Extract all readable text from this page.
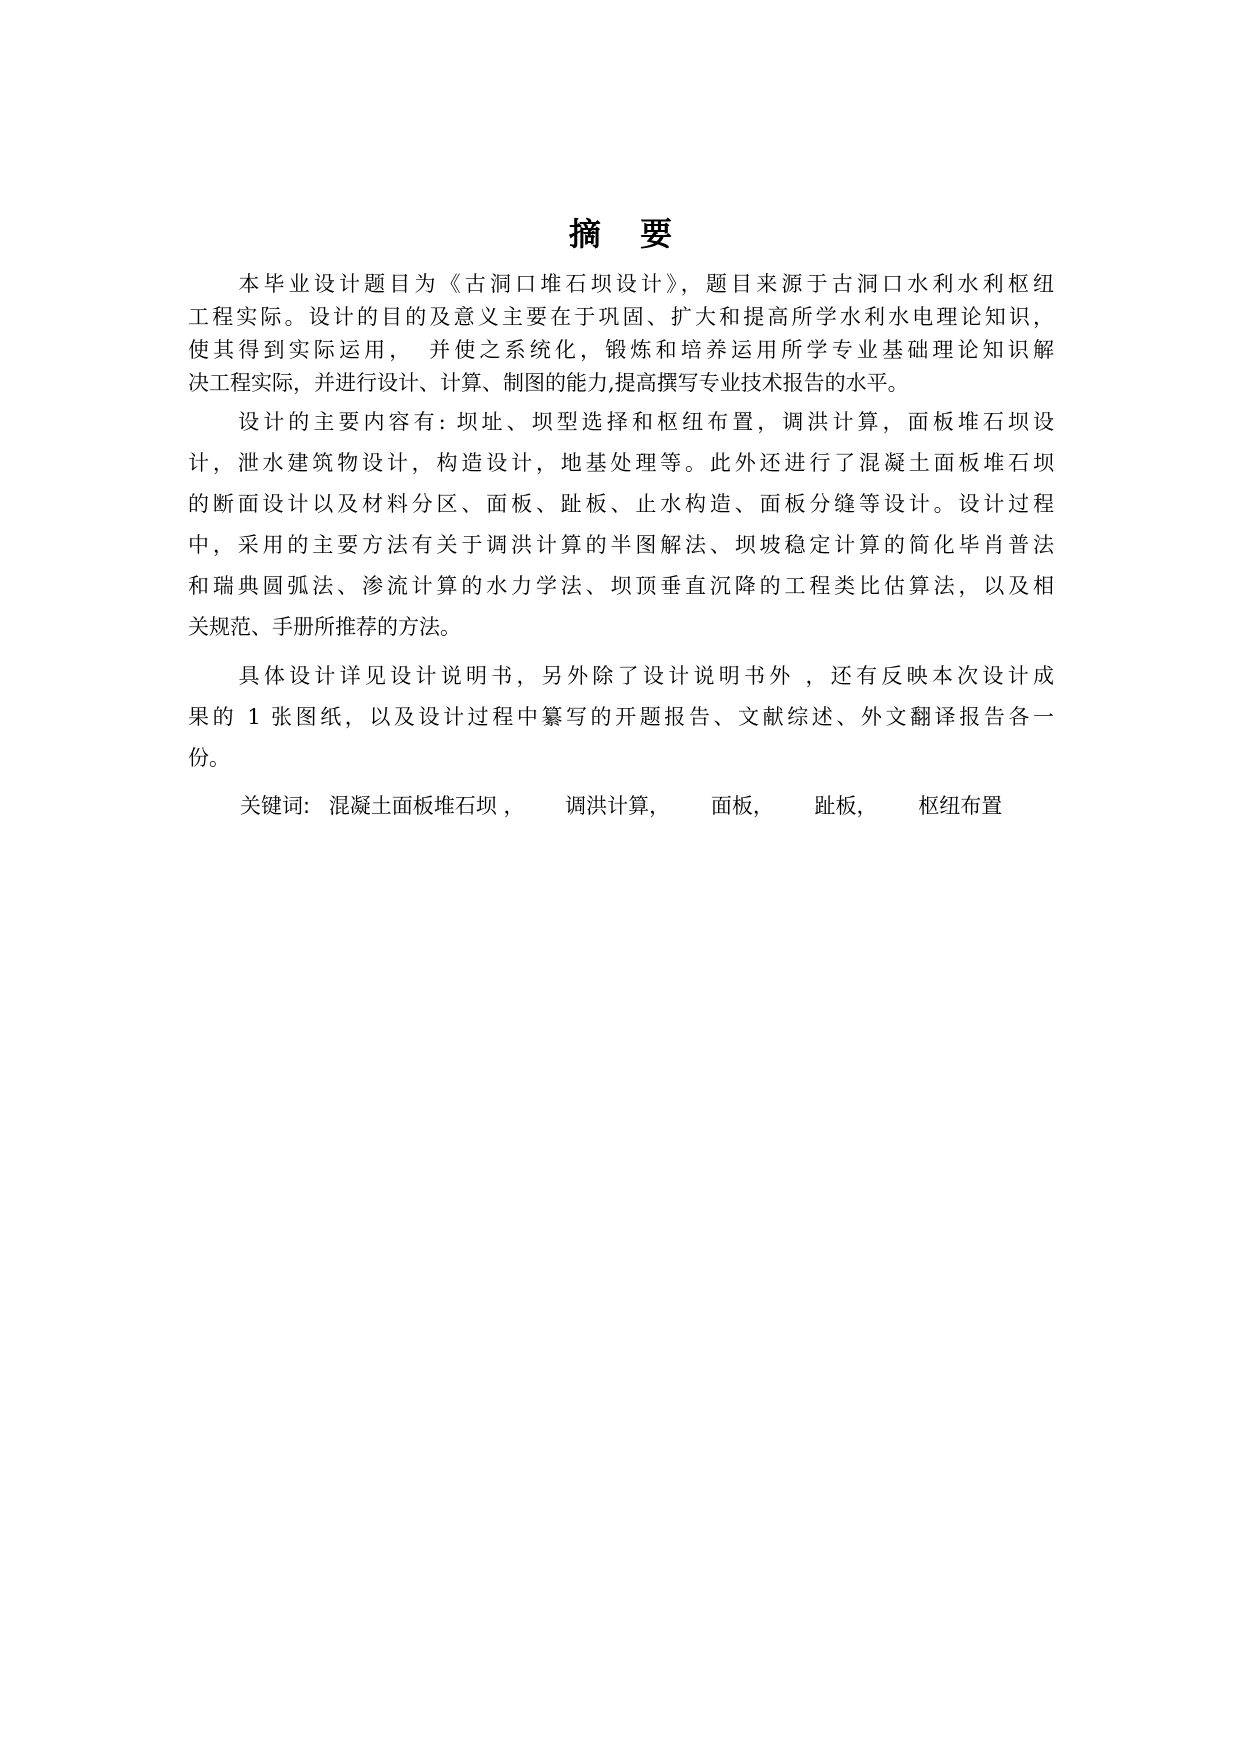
摘 要
　　本毕业设计题目为《古洞口堆石坝设计》，题目来源于古洞口水利水利枢纽
工程实际。设计的目的及意义主要在于巩固、扩大和提高所学水利水电理论知识，
使其得到实际运用，　并使之系统化，锻炼和培养运用所学专业基础理论知识解
决工程实际，并进行设计、计算、制图的能力,提高撰写专业技术报告的水平。
　　设计的主要内容有: 坝址、坝型选择和枢纽布置，调洪计算，面板堆石坝设
计，泄水建筑物设计，构造设计，地基处理等。此外还进行了混凝土面板堆石坝
的断面设计以及材料分区、面板、趾板、止水构造、面板分缝等设计。设计过程
中，采用的主要方法有关于调洪计算的半图解法、坝坡稳定计算的简化毕肖普法
和瑞典圆弧法、渗流计算的水力学法、坝顶垂直沉降的工程类比估算法，以及相
关规范、手册所推荐的方法。
　　具体设计详见设计说明书，另外除了设计说明书外 ，还有反映本次设计成
果的 1 张图纸，以及设计过程中纂写的开题报告、文献综述、外文翻译报告各一
份。
关键词: 混凝土面板堆石坝 ， 调洪计算， 面板， 趾板， 枢纽布置
